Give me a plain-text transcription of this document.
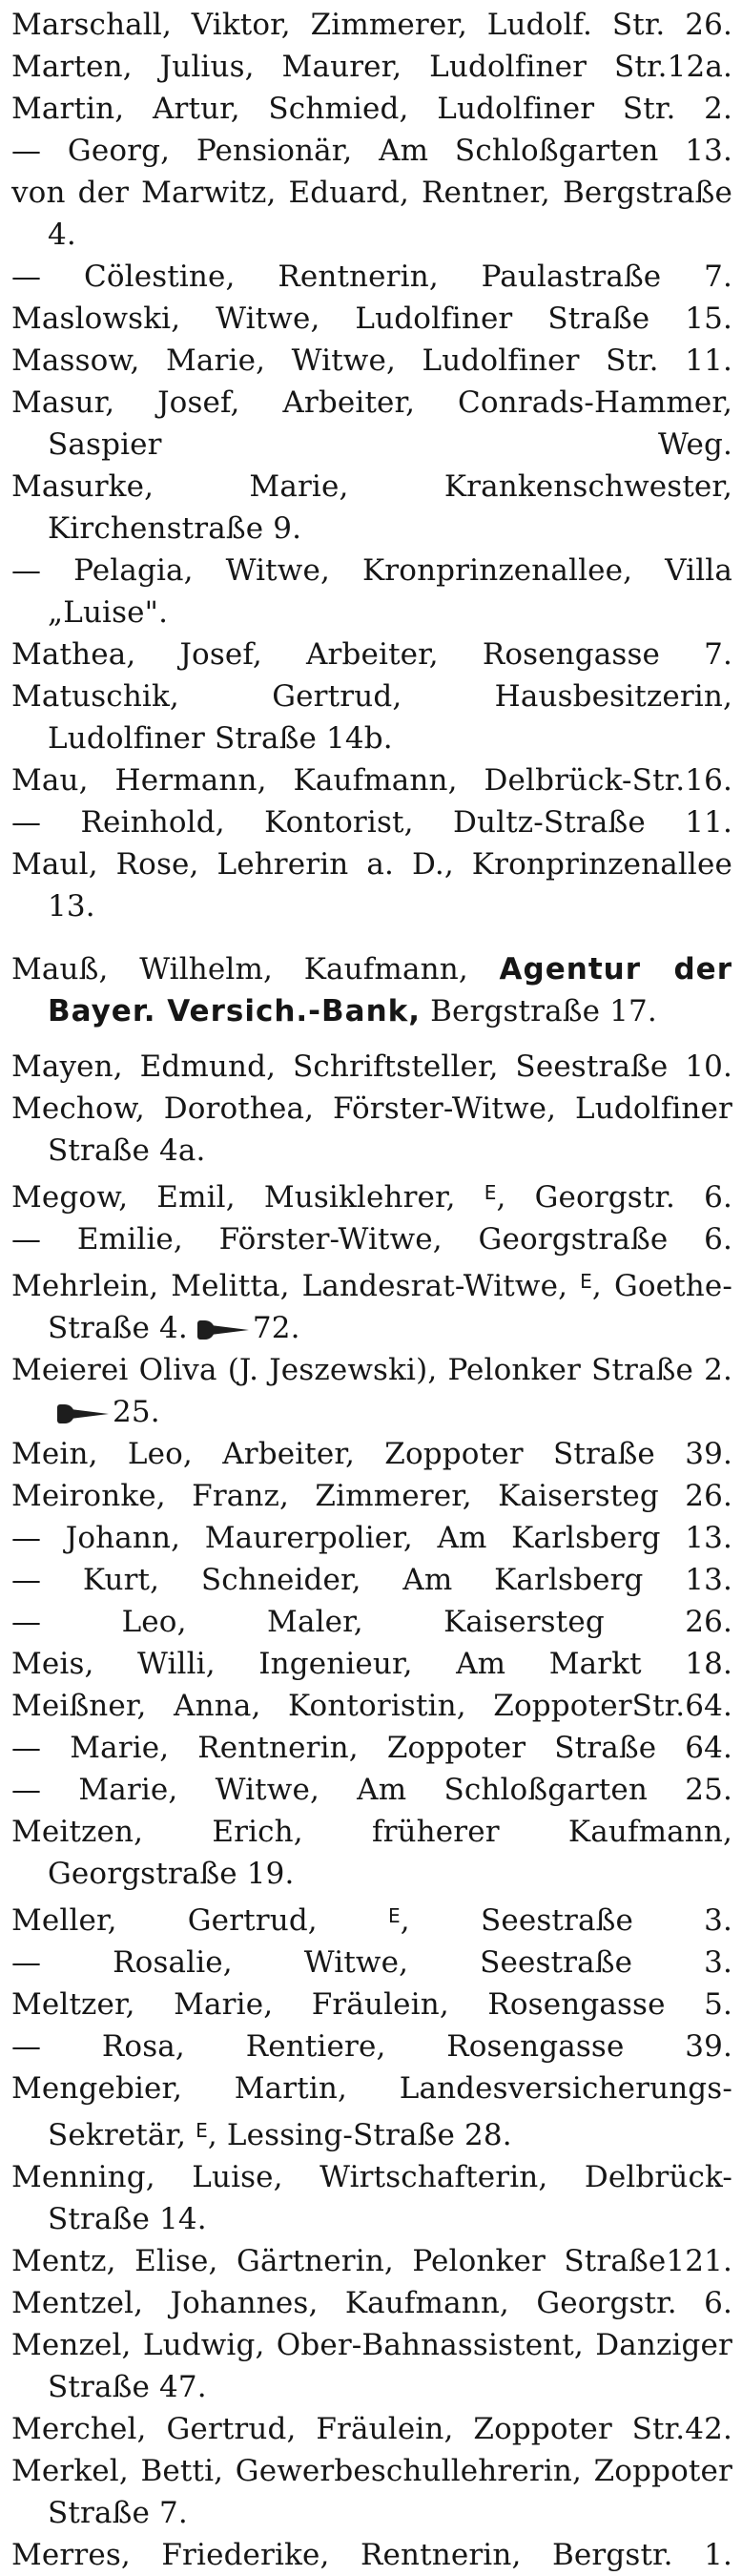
Marschall, Viktor, Zimmerer, Ludolf. Str. 26.
Marten, Julius, Maurer, Ludolfiner Str.12a.
Martin, Artur, Schmied, Ludolfiner Str. 2.
— Georg, Pensionär, Am Schloßgarten 13.
von der Marwitz, Eduard, Rentner, Bergstraße 4.
— Cölestine, Rentnerin, Paulastraße 7.
Maslowski, Witwe, Ludolfiner Straße 15.
Massow, Marie, Witwe, Ludolfiner Str. 11.
Masur, Josef, Arbeiter, Conrads-Hammer, Saspier Weg.
Masurke, Marie, Krankenschwester, Kirchenstraße 9.
— Pelagia, Witwe, Kronprinzenallee, Villa „Luise".
Mathea, Josef, Arbeiter, Rosengasse 7.
Matuschik, Gertrud, Hausbesitzerin, Ludolfiner Straße 14b.
Mau, Hermann, Kaufmann, Delbrück-Str.16.
— Reinhold, Kontorist, Dultz-Straße 11.
Maul, Rose, Lehrerin a. D., Kronprinzenallee 13.
Mauß, Wilhelm, Kaufmann, Agentur der Bayer. Versich.-Bank, Bergstraße 17.
Mayen, Edmund, Schriftsteller, Seestraße 10.
Mechow, Dorothea, Förster-Witwe, Ludolfiner Straße 4a.
Megow, Emil, Musiklehrer, $^E$, Georgstr. 6.
— Emilie, Förster-Witwe, Georgstraße 6.
Mehrlein, Melitta, Landesrat-Witwe, $^E$, Goethe-Straße 4. 72.
Meierei Oliva (J. Jeszewski), Pelonker Straße 2.25.
Mein, Leo, Arbeiter, Zoppoter Straße 39.
Meironke, Franz, Zimmerer, Kaisersteg 26.
— Johann, Maurerpolier, Am Karlsberg 13.
— Kurt, Schneider, Am Karlsberg 13.
— Leo, Maler, Kaisersteg 26.
Meis, Willi, Ingenieur, Am Markt 18.
Meißner, Anna, Kontoristin, ZoppoterStr.64.
— Marie, Rentnerin, Zoppoter Straße 64.
— Marie, Witwe, Am Schloßgarten 25.
Meitzen, Erich, früherer Kaufmann, Georgstraße 19.
Meller, Gertrud, $^E$, Seestraße 3.
— Rosalie, Witwe, Seestraße 3.
Meltzer, Marie, Fräulein, Rosengasse 5.
— Rosa, Rentiere, Rosengasse 39.
Mengebier, Martin, Landesversicherungs-Sekretär, $^E$, Lessing-Straße 28.
Menning, Luise, Wirtschafterin, Delbrück-Straße 14.
Mentz, Elise, Gärtnerin, Pelonker Straße121.
Mentzel, Johannes, Kaufmann, Georgstr. 6.
Menzel, Ludwig, Ober-Bahnassistent, Danziger Straße 47.
Merchel, Gertrud, Fräulein, Zoppoter Str.42.
Merkel, Betti, Gewerbeschullehrerin, Zoppoter Straße 7.
Merres, Friederike, Rentnerin, Bergstr. 1.
